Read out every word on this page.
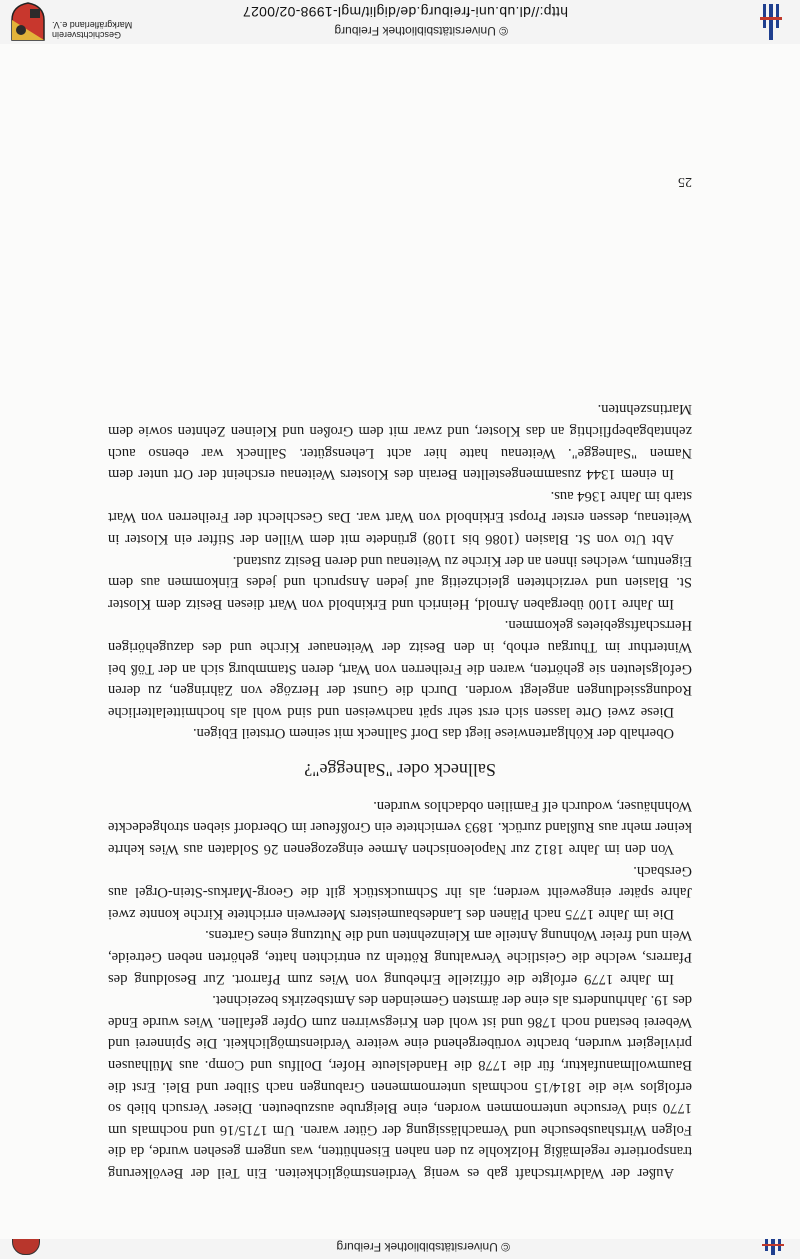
© Universitätsbibliothek Freiburg

Außer der Waldwirtschaft gab es wenig Verdienstmöglichkeiten. Ein Teil der Bevölkerung transportierte regelmäßig Holzkohle zu den nahen Eisenhütten, was ungern gesehen wurde, da die Folgen Wirtshausbesuche und Vernachlässigung der Güter waren. Um 1715/16 und nochmals um 1770 sind Versuche unternommen worden, eine Bleigrube auszubeuten. Dieser Versuch blieb so erfolglos wie die 1814/15 nochmals unternommenen Grabungen nach Silber und Blei. Erst die Baumwollmanufaktur, für die 1778 die Handelsleute Hofer, Dollfus und Comp. aus Mülhausen privilegiert wurden, brachte vorübergehend eine weitere Verdienstmöglichkeit. Die Spinnerei und Weberei bestand noch 1786 und ist wohl den Kriegswirren zum Opfer gefallen. Wies wurde Ende des 19. Jahrhunderts als eine der ärmsten Gemeinden des Amtsbezirks bezeichnet.

Im Jahre 1779 erfolgte die offizielle Erhebung von Wies zum Pfarrort. Zur Besoldung des Pfarrers, welche die Geistliche Verwaltung Rötteln zu entrichten hatte, gehörten neben Getreide, Wein und freier Wohnung Anteile am Kleinzehnten und die Nutzung eines Gartens.

Die im Jahre 1775 nach Plänen des Landesbaumeisters Meerwein errichtete Kirche konnte zwei Jahre später eingeweiht werden; als ihr Schmuckstück gilt die Georg-Markus-Stein-Orgel aus Gersbach.

Von den im Jahre 1812 zur Napoleonischen Armee eingezogenen 26 Soldaten aus Wies kehrte keiner mehr aus Rußland zurück. 1893 vernichtete ein Großfeuer im Oberdorf sieben strohgedeckte Wohnhäuser, wodurch elf Familien obdachlos wurden.

Sallneck oder "Salnegge"?

Oberhalb der Köhlgartenwiese liegt das Dorf Sallneck mit seinem Ortsteil Ebigen.

Diese zwei Orte lassen sich erst sehr spät nachweisen und sind wohl als hochmittelalterliche Rodungssiedlungen angelegt worden. Durch die Gunst der Herzöge von Zähringen, zu deren Gefolgsleuten sie gehörten, waren die Freiherren von Wart, deren Stammburg sich an der Töß bei Winterthur im Thurgau erhob, in den Besitz der Weitenauer Kirche und des dazugehörigen Herrschaftsgebietes gekommen.

Im Jahre 1100 übergaben Arnold, Heinrich und Erkinbold von Wart diesen Besitz dem Kloster St. Blasien und verzichteten gleichzeitig auf jeden Anspruch und jedes Einkommen aus dem Eigentum, welches ihnen an der Kirche zu Weitenau und deren Besitz zustand.

Abt Uto von St. Blasien (1086 bis 1108) gründete mit dem Willen der Stifter ein Kloster in Weitenau, dessen erster Propst Erkinbold von Wart war. Das Geschlecht der Freiherren von Wart starb im Jahre 1364 aus.

In einem 1344 zusammengestellten Berain des Klosters Weitenau erscheint der Ort unter dem Namen "Salnegge". Weitenau hatte hier acht Lehensgüter. Sallneck war ebenso auch zehntabgabepflichtig an das Kloster, und zwar mit dem Großen und Kleinen Zehnten sowie dem Martinszehnten.

25
© Universitätsbibliothek Freiburg
http://dl.ub.uni-freiburg.de/diglit/mgl-1998-02/0027
Geschichtsverein
Markgräflerland e.V.
